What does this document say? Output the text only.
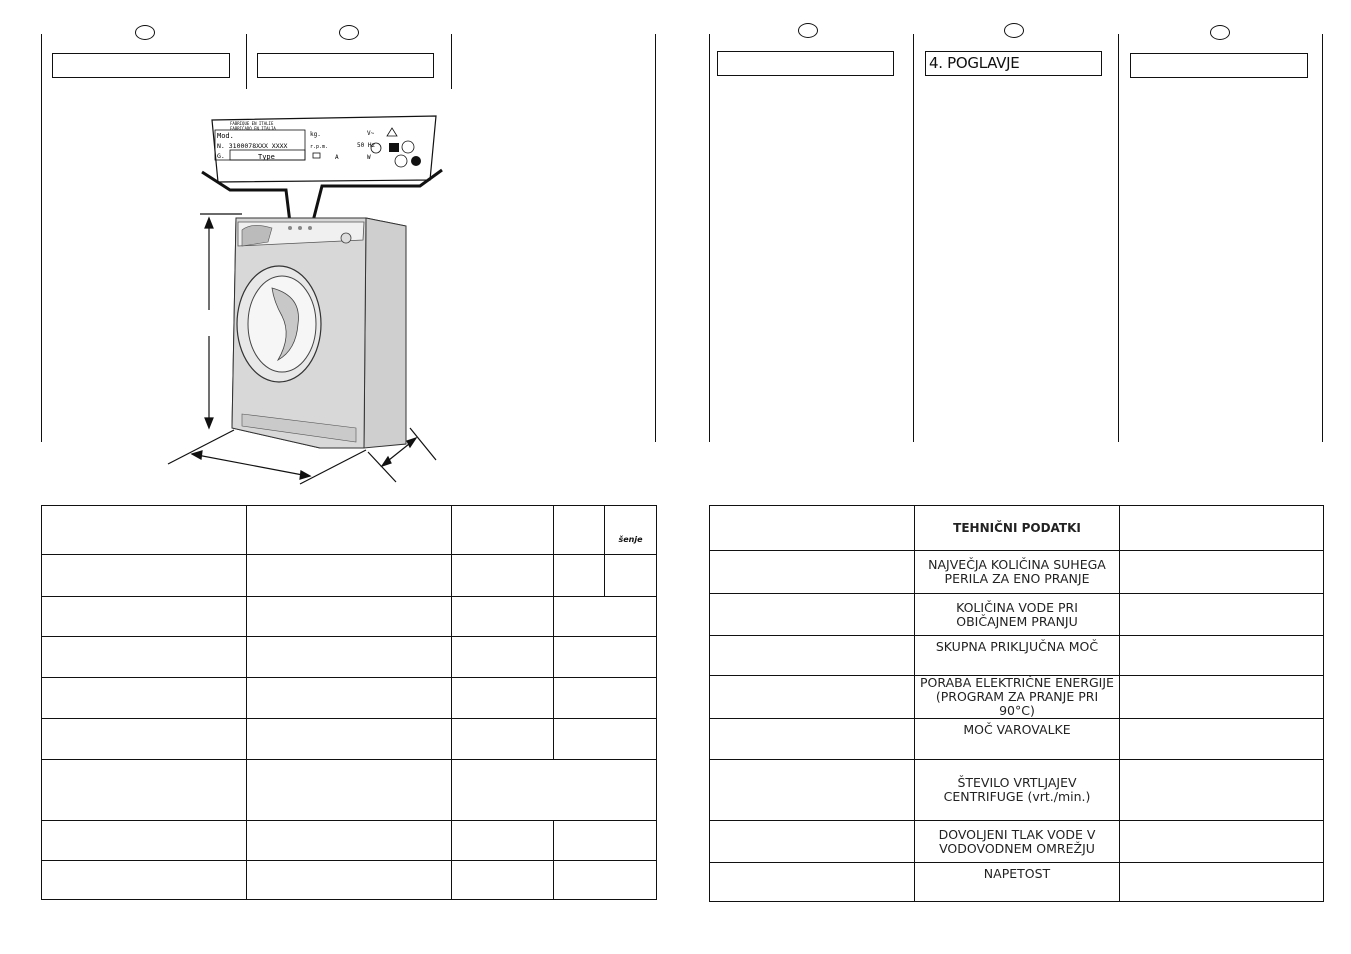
FABRIQUE EN ITALIE
FABRICADO EN ITALIA
Mod.
N. 3100078XXX XXXX
G.	Type
kg.
r.p.m.	50 Hz
V~
W
A
				šenje

4. POGLAVJE
	TEHNIČNI PODATKI	
	NAJVEČJA KOLIČINA SUHEGA PERILA ZA ENO PRANJE	
	KOLIČINA VODE PRI OBIČAJNEM PRANJU	
	SKUPNA PRIKLJUČNA MOČ	
	PORABA ELEKTRIČNE ENERGIJE (PROGRAM ZA PRANJE PRI 90°C)	
	MOČ VAROVALKE	
	ŠTEVILO VRTLJAJEV CENTRIFUGE (vrt./min.)	
	DOVOLJENI TLAK VODE V VODOVODNEM OMREŽJU	
	NAPETOST	
